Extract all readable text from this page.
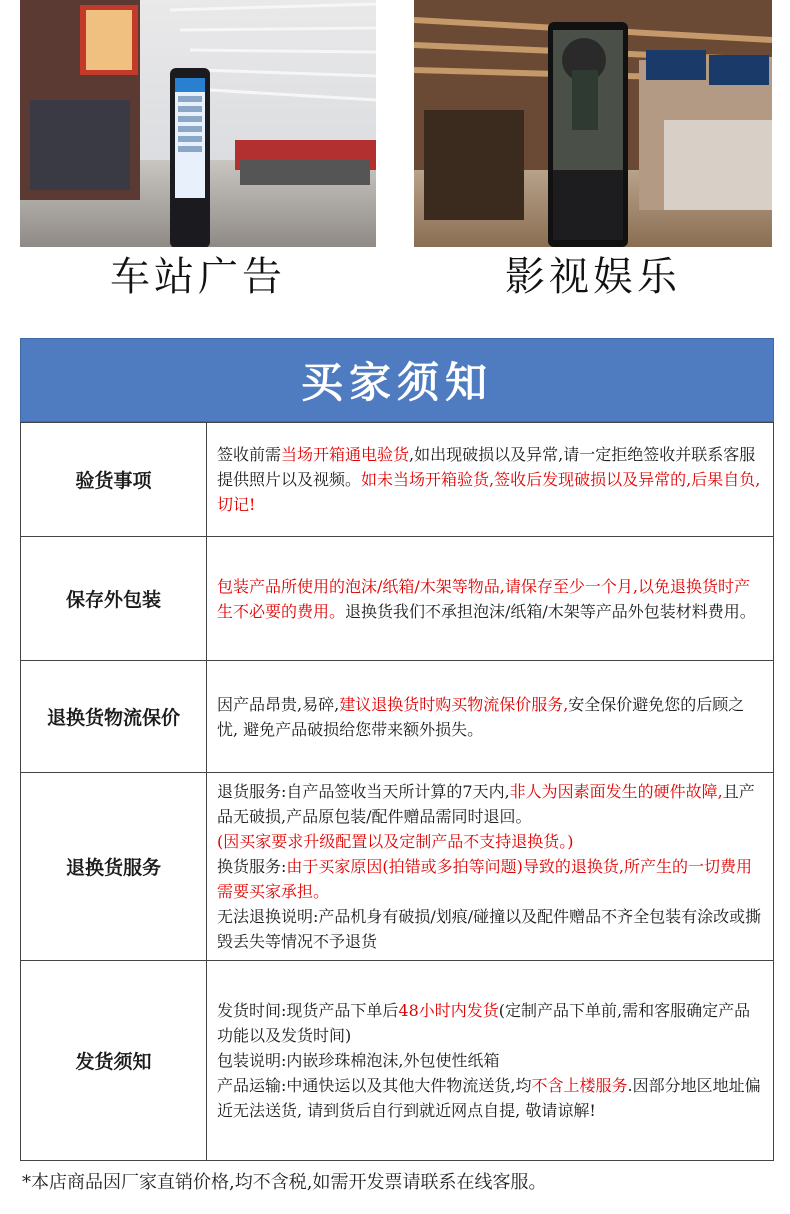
车站广告	影视娱乐
买家须知
验货事项	签收前需当场开箱通电验货,如出现破损以及异常,请一定拒绝签收并联系客服提供照片以及视频。如未当场开箱验货,签收后发现破损以及异常的,后果自负,切记!
保存外包装	包装产品所使用的泡沫/纸箱/木架等物品,请保存至少一个月,以免退换货时产生不必要的费用。退换货我们不承担泡沫/纸箱/木架等产品外包装材料费用。
退换货物流保价	因产品昂贵,易碎,建议退换货时购买物流保价服务,安全保价避免您的后顾之忧, 避免产品破损给您带来额外损失。
退换货服务	退货服务:自产品签收当天所计算的7天内,非人为因素面发生的硬件故障,且产品无破损,产品原包装/配件赠品需同时退回。
(因买家要求升级配置以及定制产品不支持退换货。)
换货服务:由于买家原因(拍错或多拍等问题)导致的退换货,所产生的一切费用需要买家承担。
无法退换说明:产品机身有破损/划痕/碰撞以及配件赠品不齐全包装有涂改或撕毁丢失等情况不予退货

发货须知	发货时间:现货产品下单后48小时内发货(定制产品下单前,需和客服确定产品功能以及发货时间)
包装说明:内嵌珍珠棉泡沫,外包使性纸箱
产品运输:中通快运以及其他大件物流送货,均不含上楼服务.因部分地区地址偏近无法送货, 请到货后自行到就近网点自提, 敬请谅解!
*本店商品因厂家直销价格,均不含税,如需开发票请联系在线客服。
